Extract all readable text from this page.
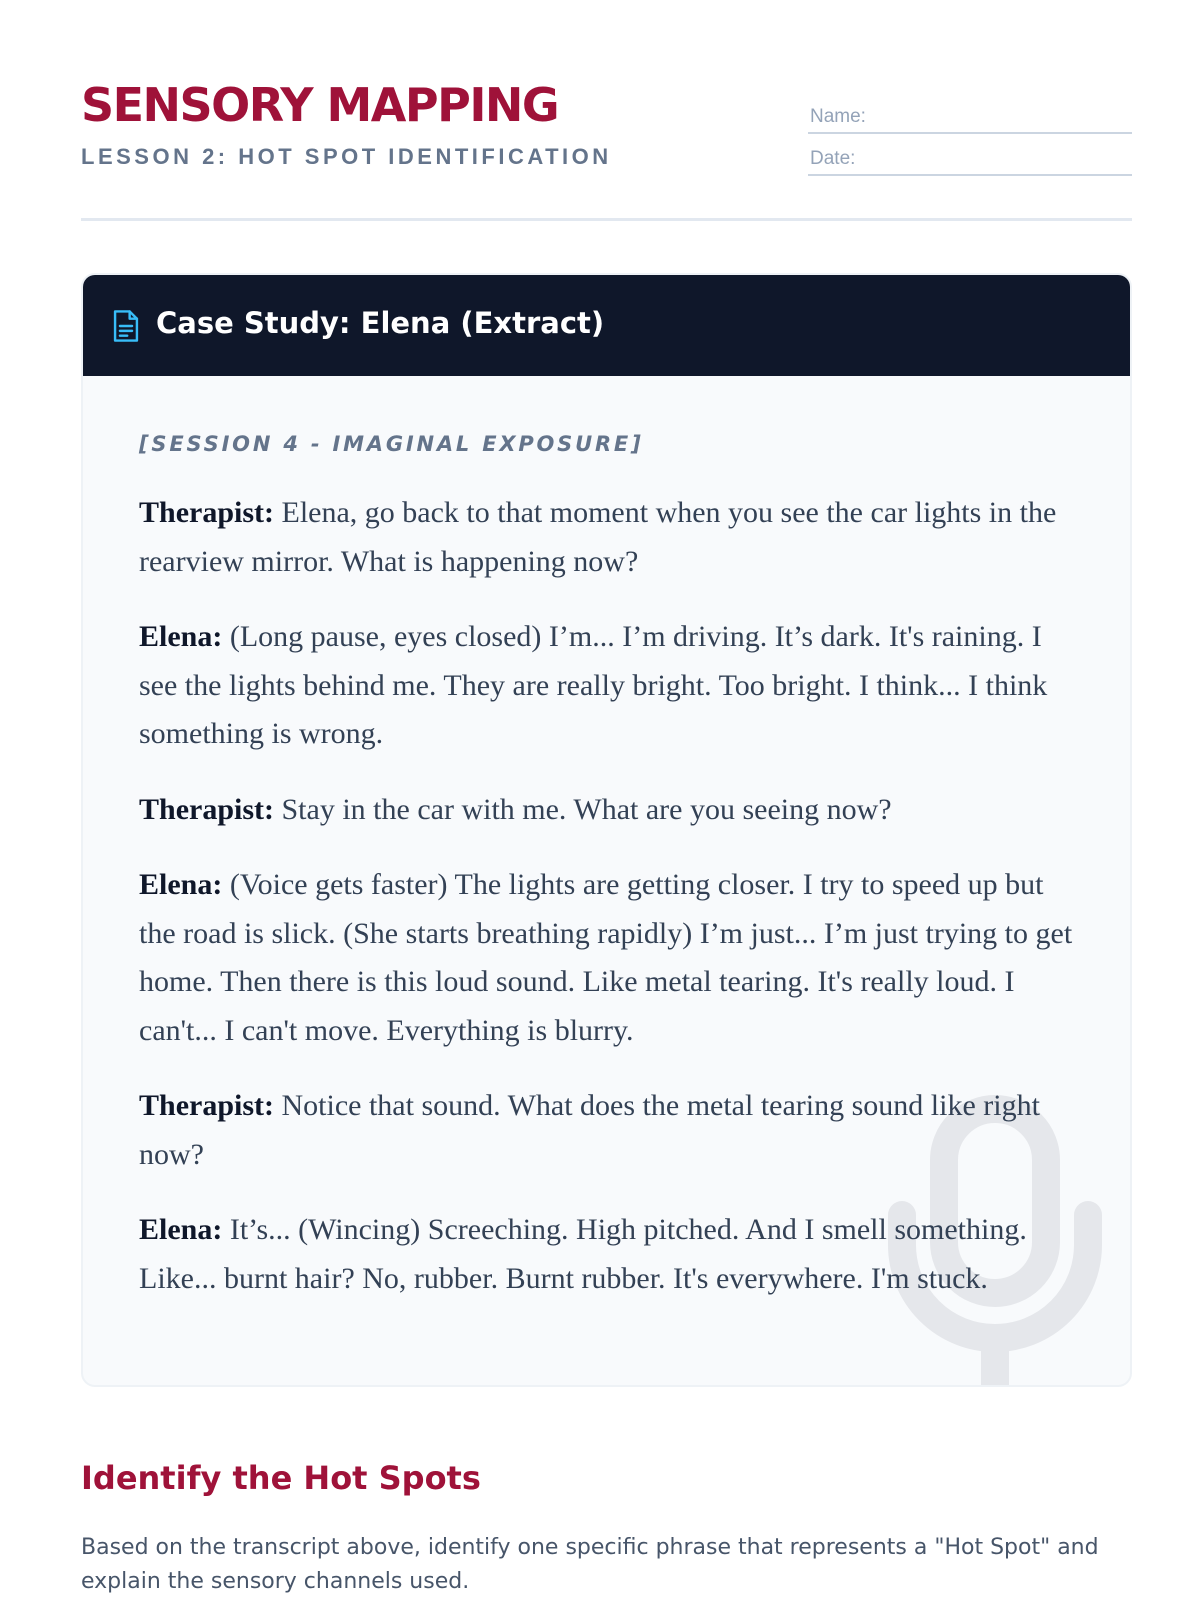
SENSORY MAPPING
LESSON 2: HOT SPOT IDENTIFICATION
Name:
Date:
Case Study: Elena (Extract)
[SESSION 4 - IMAGINAL EXPOSURE]

Therapist: Elena, go back to that moment when you see the car lights in the rearview mirror. What is happening now?

Elena: (Long pause, eyes closed) I’m... I’m driving. It’s dark. It's raining. I see the lights behind me. They are really bright. Too bright. I think... I think something is wrong.

Therapist: Stay in the car with me. What are you seeing now?

Elena: (Voice gets faster) The lights are getting closer. I try to speed up but the road is slick. (She starts breathing rapidly) I’m just... I’m just trying to get home. Then there is this loud sound. Like metal tearing. It's really loud. I can't... I can't move. Everything is blurry.

Therapist: Notice that sound. What does the metal tearing sound like right now?

Elena: It’s... (Wincing) Screeching. High pitched. And I smell something. Like... burnt hair? No, rubber. Burnt rubber. It's everywhere. I'm stuck.

Identify the Hot Spots

Based on the transcript above, identify one specific phrase that represents a "Hot Spot" and explain the sensory channels used.
